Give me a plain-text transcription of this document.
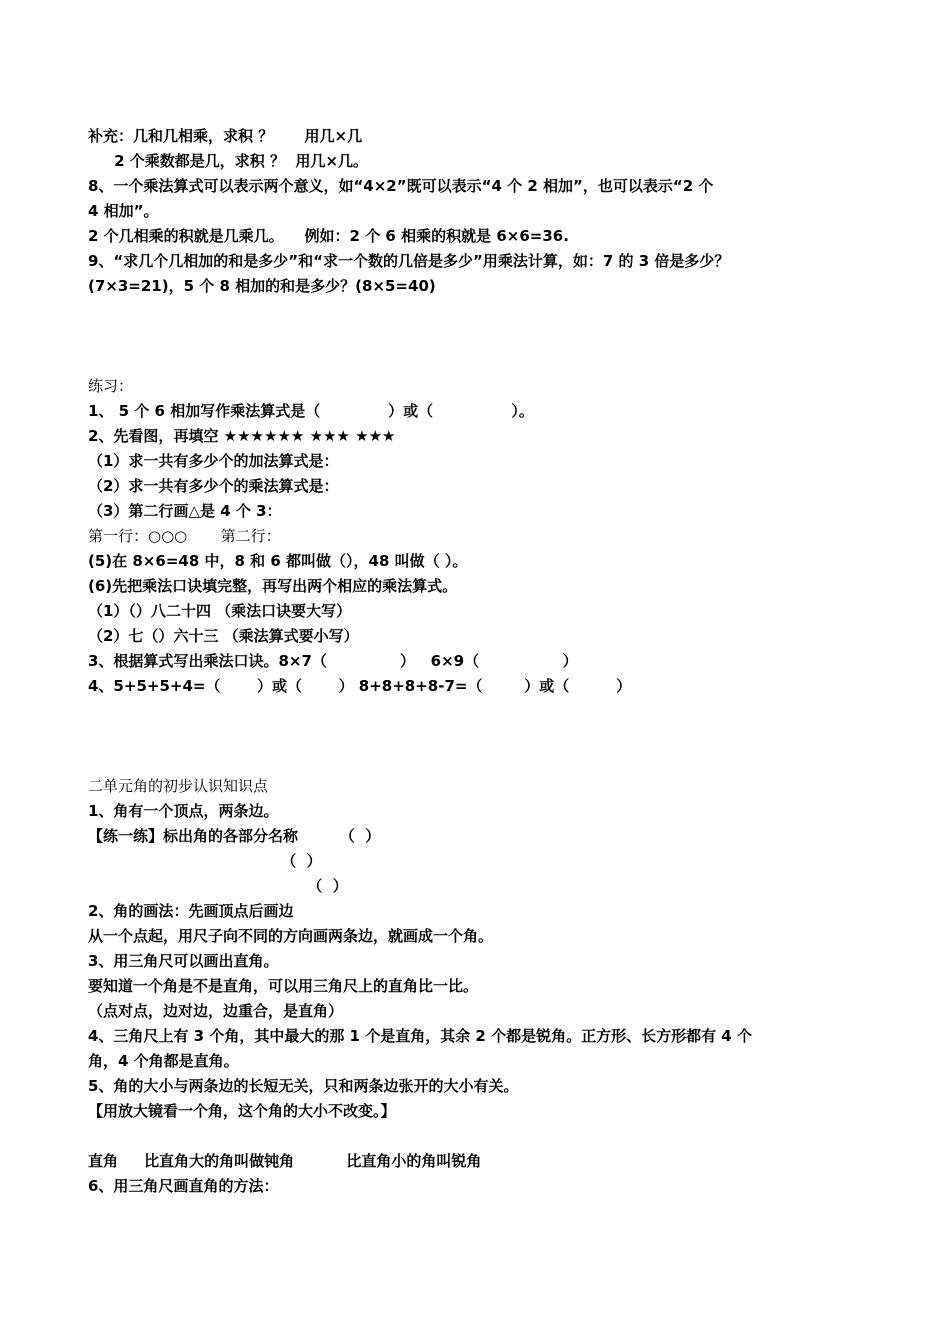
补充：几和几相乘，求积 ？      用几×几
2 个乘数都是几，求积 ？  用几×几。
8、一个乘法算式可以表示两个意义，如“4×2”既可以表示“4 个 2 相加”，也可以表示“2 个
4 相加”。
2 个几相乘的积就是几乘几。    例如：2 个 6 相乘的积就是 6×6=36.
9、“求几个几相加的和是多少”和“求一个数的几倍是多少”用乘法计算，如：7 的 3 倍是多少？
(7×3=21)，5 个 8 相加的和是多少？(8×5=40)
练习：
1、 5 个 6 相加写作乘法算式是（             ）或（               ）。
2、先看图，再填空 ★★★★★★ ★★★ ★★★
（1）求一共有多少个的加法算式是：
（2）求一共有多少个的乘法算式是：
（3）第二行画△是 4 个 3：
第一行：○○○       第二行：
(5)在 8×6=48 中，8 和 6 都叫做（），48 叫做（ ）。
(6)先把乘法口诀填完整，再写出两个相应的乘法算式。
（1）（）八二十四 （乘法口诀要大写）
（2）七（）六十三 （乘法算式要小写）
3、根据算式写出乘法口诀。8×7（              ）   6×9（                ）
4、5+5+5+4=（       ）或（       ） 8+8+8+8-7=（        ）或（         ）
二单元角的初步认识知识点
1、角有一个顶点，两条边。
【练一练】标出角的各部分名称        （  ）
（  ）
（  ）
2、角的画法：先画顶点后画边
从一个点起，用尺子向不同的方向画两条边，就画成一个角。
3、用三角尺可以画出直角。
要知道一个角是不是直角，可以用三角尺上的直角比一比。
（点对点，边对边，边重合，是直角）
4、三角尺上有 3 个角，其中最大的那 1 个是直角，其余 2 个都是锐角。正方形、长方形都有 4 个
角，4 个角都是直角。
5、角的大小与两条边的长短无关，只和两条边张开的大小有关。
【用放大镜看一个角，这个角的大小不改变。】
直角     比直角大的角叫做钝角          比直角小的角叫锐角
6、用三角尺画直角的方法：
